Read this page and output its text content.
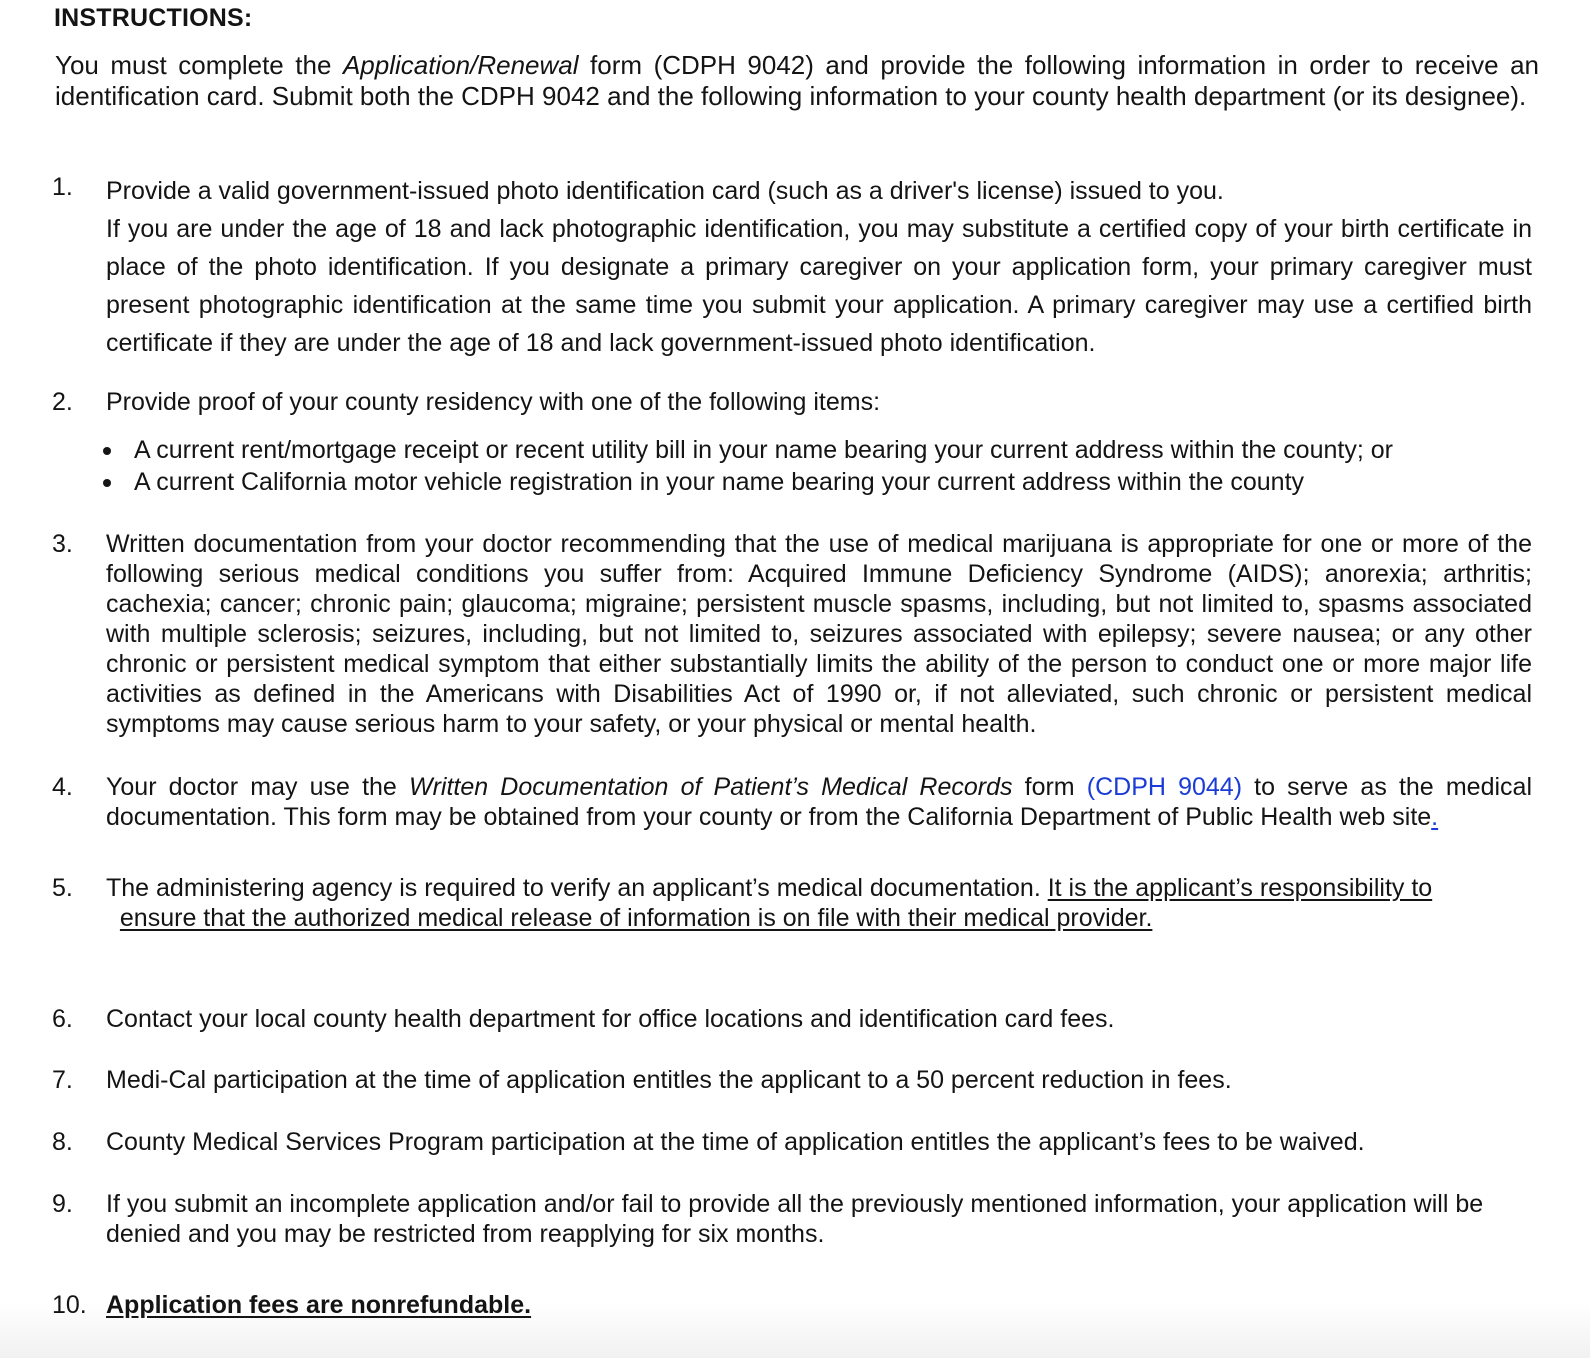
INSTRUCTIONS:
You must complete the Application/Renewal form (CDPH 9042) and provide the following information in order to receive an identification card. Submit both the CDPH 9042 and the following information to your county health department (or its designee).
1. Provide a valid government-issued photo identification card (such as a driver's license) issued to you.

If you are under the age of 18 and lack photographic identification, you may substitute a certified copy of your birth certificate in place of the photo identification. If you designate a primary caregiver on your application form, your primary caregiver must present photographic identification at the same time you submit your application. A primary caregiver may use a certified birth certificate if they are under the age of 18 and lack government-issued photo identification.

2. Provide proof of your county residency with one of the following items:

A current rent/mortgage receipt or recent utility bill in your name bearing your current address within the county; or
A current California motor vehicle registration in your name bearing your current address within the county
3. Written documentation from your doctor recommending that the use of medical marijuana is appropriate for one or more of the following serious medical conditions you suffer from: Acquired Immune Deficiency Syndrome (AIDS); anorexia; arthritis; cachexia; cancer; chronic pain; glaucoma; migraine; persistent muscle spasms, including, but not limited to, spasms associated with multiple sclerosis; seizures, including, but not limited to, seizures associated with epilepsy; severe nausea; or any other chronic or persistent medical symptom that either substantially limits the ability of the person to conduct one or more major life activities as defined in the Americans with Disabilities Act of 1990 or, if not alleviated, such chronic or persistent medical symptoms may cause serious harm to your safety, or your physical or mental health.
4. Your doctor may use the Written Documentation of Patient’s Medical Records form (CDPH 9044) to serve as the medical documentation. This form may be obtained from your county or from the California Department of Public Health web site.
5. The administering agency is required to verify an applicant’s medical documentation. It is the applicant’s responsibility to  ensure that the authorized medical release of information is on file with their medical provider.
6. Contact your local county health department for office locations and identification card fees.
7. Medi-Cal participation at the time of application entitles the applicant to a 50 percent reduction in fees.
8. County Medical Services Program participation at the time of application entitles the applicant’s fees to be waived.
9. If you submit an incomplete application and/or fail to provide all the previously mentioned information, your application will be denied and you may be restricted from reapplying for six months.
10. Application fees are nonrefundable.
